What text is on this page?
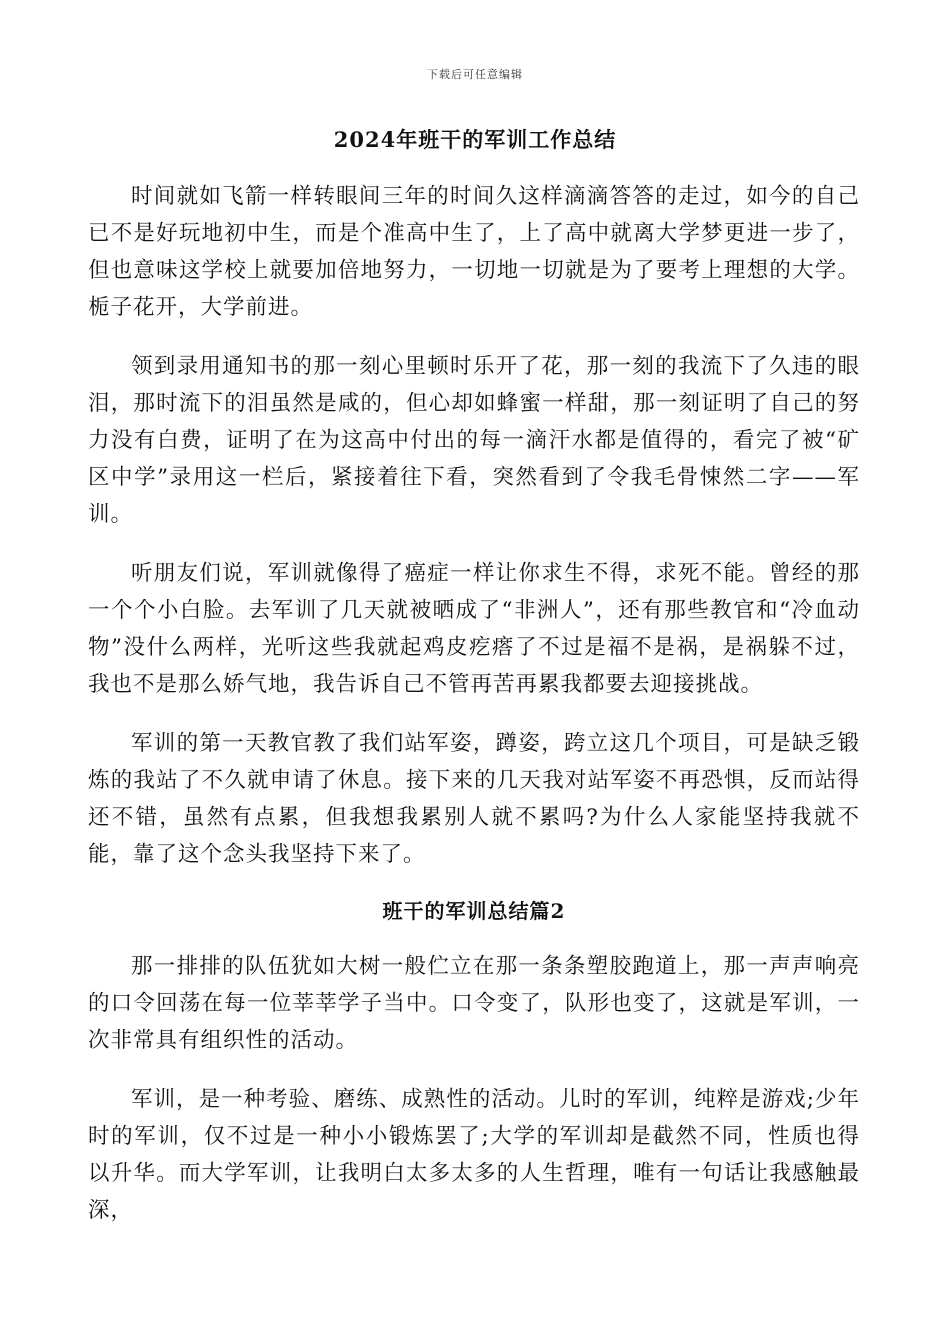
下载后可任意编辑
2024年班干的军训工作总结

时间就如飞箭一样转眼间三年的时间久这样滴滴答答的走过，如今的自己已不是好玩地初中生，而是个准高中生了，上了高中就离大学梦更进一步了，但也意味这学校上就要加倍地努力，一切地一切就是为了要考上理想的大学。栀子花开，大学前进。

领到录用通知书的那一刻心里顿时乐开了花，那一刻的我流下了久违的眼泪，那时流下的泪虽然是咸的，但心却如蜂蜜一样甜，那一刻证明了自己的努力没有白费，证明了在为这高中付出的每一滴汗水都是值得的，看完了被“矿区中学”录用这一栏后，紧接着往下看，突然看到了令我毛骨悚然二字——军训。

听朋友们说，军训就像得了癌症一样让你求生不得，求死不能。曾经的那一个个小白脸。去军训了几天就被晒成了“非洲人”，还有那些教官和“冷血动物”没什么两样，光听这些我就起鸡皮疙瘩了不过是福不是祸，是祸躲不过，我也不是那么娇气地，我告诉自己不管再苦再累我都要去迎接挑战。

军训的第一天教官教了我们站军姿，蹲姿，跨立这几个项目，可是缺乏锻炼的我站了不久就申请了休息。接下来的几天我对站军姿不再恐惧，反而站得还不错，虽然有点累，但我想我累别人就不累吗?为什么人家能坚持我就不能，靠了这个念头我坚持下来了。

班干的军训总结篇2

那一排排的队伍犹如大树一般伫立在那一条条塑胶跑道上，那一声声响亮的口令回荡在每一位莘莘学子当中。口令变了，队形也变了，这就是军训，一次非常具有组织性的活动。

军训，是一种考验、磨练、成熟性的活动。儿时的军训，纯粹是游戏;少年时的军训，仅不过是一种小小锻炼罢了;大学的军训却是截然不同，性质也得以升华。而大学军训，让我明白太多太多的人生哲理，唯有一句话让我感触最深，
